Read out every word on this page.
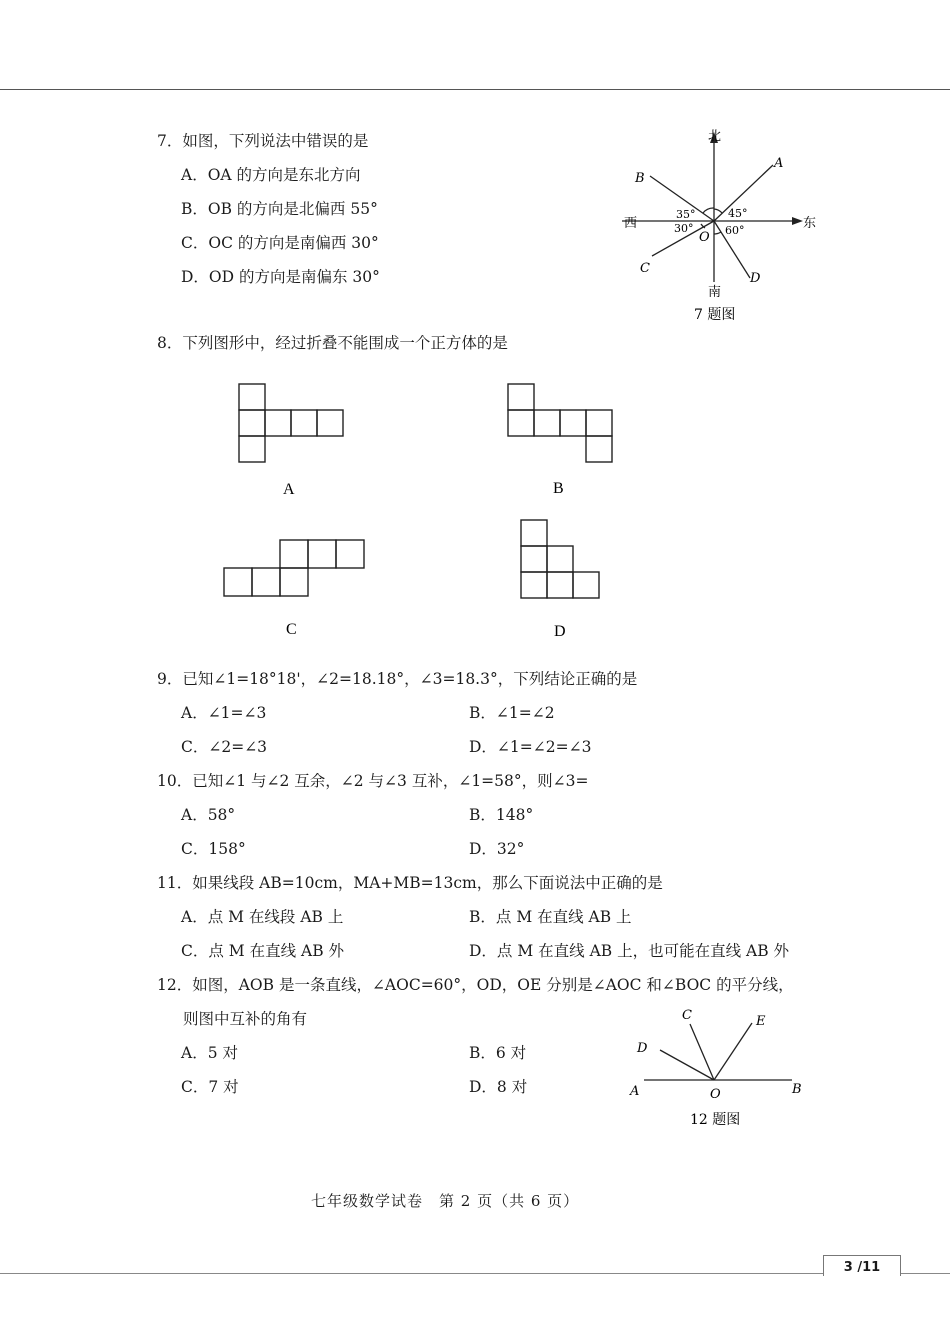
7．如图，下列说法中错误的是
A．OA 的方向是东北方向
B．OB 的方向是北偏西 55°
C．OC 的方向是南偏西 30°
D．OD 的方向是南偏东 30°
北
南
西	东
A
B
C
D
O
35°	45°
30°	60°
7 题图
8．下列图形中，经过折叠不能围成一个正方体的是
A	B
C	D
9．已知∠1=18°18'，∠2=18.18°，∠3=18.3°，下列结论正确的是
A．∠1=∠3	B．∠1=∠2
C．∠2=∠3	D．∠1=∠2=∠3
10．已知∠1 与∠2 互余，∠2 与∠3 互补，∠1=58°，则∠3=
A．58°	B．148°
C．158°	D．32°
11．如果线段 AB=10cm，MA+MB=13cm，那么下面说法中正确的是
A．点 M 在线段 AB 上	B．点 M 在直线 AB 上
C．点 M 在直线 AB 外	D．点 M 在直线 AB 上，也可能在直线 AB 外
12．如图，AOB 是一条直线，∠AOC=60°，OD，OE 分别是∠AOC 和∠BOC 的平分线，
则图中互补的角有
A．5 对	B．6 对
C．7 对	D．8 对
C
D
E
A	O	B
12 题图
七年级数学试卷　第 2 页（共 6 页）
3 /11
